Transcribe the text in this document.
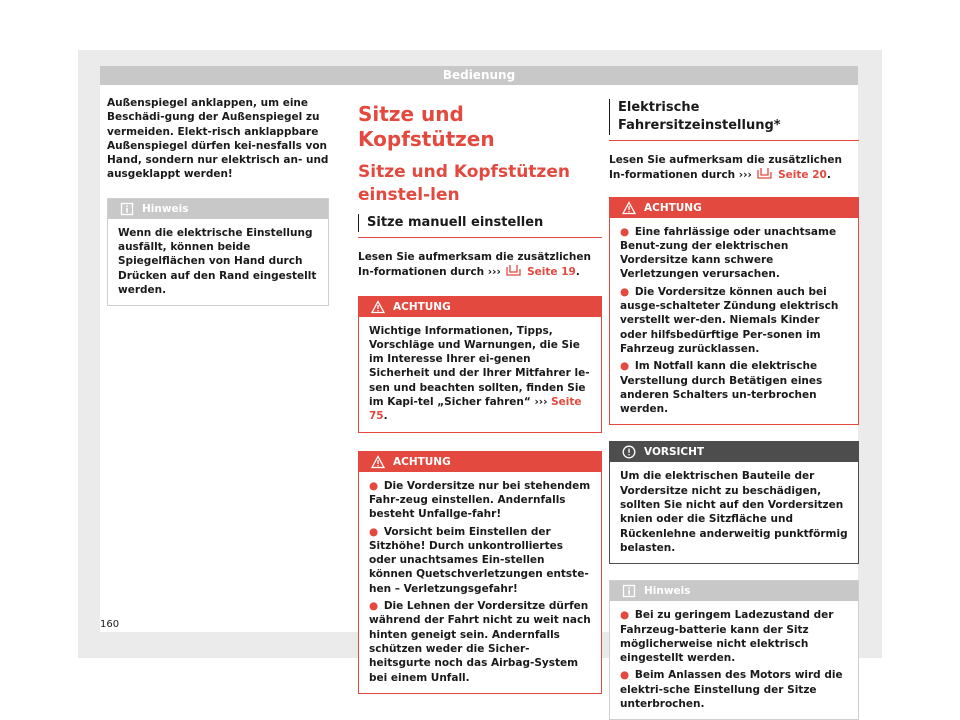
Bedienung

Außenspiegel anklappen, um eine Beschädi-gung der Außenspiegel zu vermeiden. Elekt-risch anklappbare Außenspiegel dürfen kei-nesfalls von Hand, sondern nur elektrisch an- und ausgeklappt werden!

Hinweis
Wenn die elektrische Einstellung ausfällt, können beide Spiegelflächen von Hand durch Drücken auf den Rand eingestellt werden.
Sitze und Kopfstützen
Sitze und Kopfstützen einstel-len
Sitze manuell einstellen

Lesen Sie aufmerksam die zusätzlichen In-formationen durch ›››	Seite 19.

ACHTUNG
Wichtige Informationen, Tipps, Vorschläge und Warnungen, die Sie im Interesse Ihrer ei-genen Sicherheit und der Ihrer Mitfahrer le-sen und beachten sollten, finden Sie im Kapi-tel „Sicher fahren“ ››› Seite 75.
ACHTUNG

● Die Vordersitze nur bei stehendem Fahr-zeug einstellen. Andernfalls besteht Unfallge-fahr!

● Vorsicht beim Einstellen der Sitzhöhe! Durch unkontrolliertes oder unachtsames Ein-stellen können Quetschverletzungen entste-hen – Verletzungsgefahr!

● Die Lehnen der Vordersitze dürfen während der Fahrt nicht zu weit nach hinten geneigt sein. Andernfalls schützen weder die Sicher-heitsgurte noch das Airbag-System bei einem Unfall.

Elektrische Fahrersitzeinstellung*

Lesen Sie aufmerksam die zusätzlichen In-formationen durch ›››	Seite 20.

ACHTUNG

● Eine fahrlässige oder unachtsame Benut-zung der elektrischen Vordersitze kann schwere Verletzungen verursachen.

● Die Vordersitze können auch bei ausge-schalteter Zündung elektrisch verstellt wer-den. Niemals Kinder oder hilfsbedürftige Per-sonen im Fahrzeug zurücklassen.

● Im Notfall kann die elektrische Verstellung durch Betätigen eines anderen Schalters un-terbrochen werden.

VORSICHT
Um die elektrischen Bauteile der Vordersitze nicht zu beschädigen, sollten Sie nicht auf den Vordersitzen knien oder die Sitzfläche und Rückenlehne anderweitig punktförmig belasten.
Hinweis

● Bei zu geringem Ladezustand der Fahrzeug-batterie kann der Sitz möglicherweise nicht elektrisch eingestellt werden.

● Beim Anlassen des Motors wird die elektri-sche Einstellung der Sitze unterbrochen.

160
